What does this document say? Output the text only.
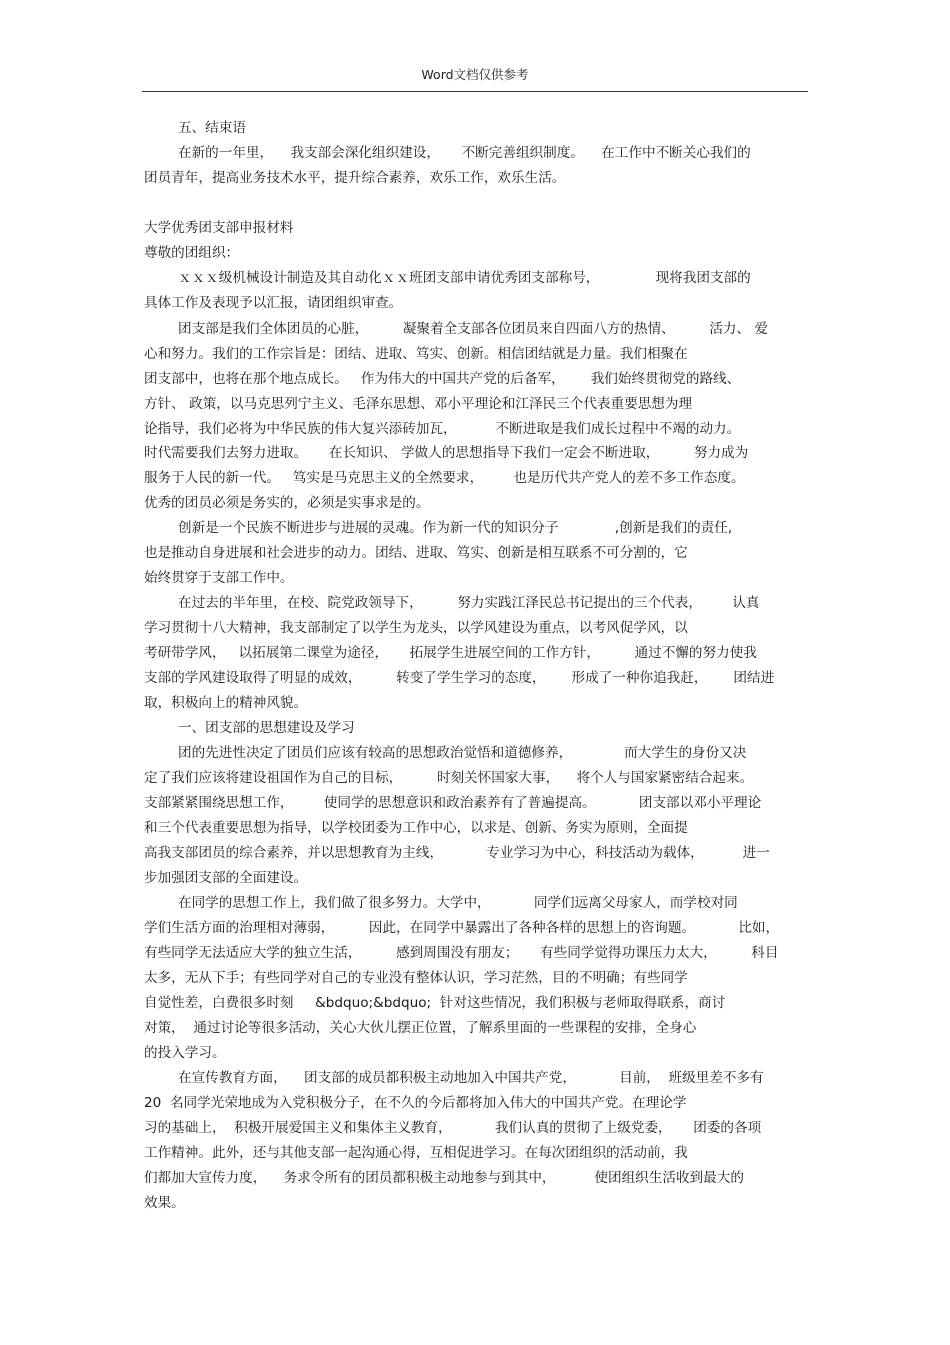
Word文档仅供参考
五、结束语
在新的一年里，    我支部会深化组织建设，     不断完善组织制度。    在工作中不断关心我们的
团员青年，提高业务技术水平，提升综合素养，欢乐工作，欢乐生活。
大学优秀团支部申报材料
尊敬的团组织：
ｘｘｘ级机械设计制造及其自动化ｘｘ班团支部申请优秀团支部称号，             现将我团支部的
具体工作及表现予以汇报，请团组织审查。
团支部是我们全体团员的心脏，        凝聚着全支部各位团员来自四面八方的热情、        活力、 爱
心和努力。我们的工作宗旨是：团结、进取、笃实、创新。相信团结就是力量。我们相聚在
团支部中，也将在那个地点成长。   作为伟大的中国共产党的后备军，      我们始终贯彻党的路线、
方针、 政策，以马克思列宁主义、毛泽东思想、邓小平理论和江泽民三个代表重要思想为理
论指导，我们必将为中华民族的伟大复兴添砖加瓦，         不断进取是我们成长过程中不竭的动力。
时代需要我们去努力进取。     在长知识、 学做人的思想指导下我们一定会不断进取，        努力成为
服务于人民的新一代。   笃实是马克思主义的全然要求，       也是历代共产党人的差不多工作态度。
优秀的团员必须是务实的，必须是实事求是的。
创新是一个民族不断进步与进展的灵魂。作为新一代的知识分子             ,创新是我们的责任,
也是推动自身进展和社会进步的动力。团结、进取、笃实、创新是相互联系不可分割的，它
始终贯穿于支部工作中。
在过去的半年里，在校、院党政领导下，        努力实践江泽民总书记提出的三个代表，       认真
学习贯彻十八大精神，我支部制定了以学生为龙头，以学风建设为重点，以考风促学风，以
考研带学风，   以拓展第二课堂为途径，     拓展学生进展空间的工作方针，        通过不懈的努力使我
支部的学风建设取得了明显的成效，        转变了学生学习的态度，      形成了一种你追我赶，      团结进
取，积极向上的精神风貌。
一、团支部的思想建设及学习
团的先进性决定了团员们应该有较高的思想政治觉悟和道德修养，            而大学生的身份又决
定了我们应该将建设祖国作为自己的目标，        时刻关怀国家大事，    将个人与国家紧密结合起来。
支部紧紧围绕思想工作，       使同学的思想意识和政治素养有了普遍提高。          团支部以邓小平理论
和三个代表重要思想为指导，以学校团委为工作中心，以求是、创新、务实为原则，全面提
高我支部团员的综合素养，并以思想教育为主线，          专业学习为中心，科技活动为载体，         进一
步加强团支部的全面建设。
在同学的思想工作上，我们做了很多努力。大学中，          同学们远离父母家人，而学校对同
学们生活方面的治理相对薄弱，        因此，在同学中暴露出了各种各样的思想上的咨询题。          比如，
有些同学无法适应大学的独立生活，        感到周围没有朋友；     有些同学觉得功课压力太大，        科目
太多，无从下手；有些同学对自己的专业没有整体认识，学习茫然，目的不明确；有些同学
自觉性差，白费很多时刻     &bdquo;&bdquo;  针对这些情况，我们积极与老师取得联系，商讨
对策，  通过讨论等很多活动，关心大伙儿摆正位置，了解系里面的一些课程的安排，全身心
的投入学习。
在宣传教育方面，    团支部的成员都积极主动地加入中国共产党，          目前，  班级里差不多有
20  名同学光荣地成为入党积极分子，在不久的今后都将加入伟大的中国共产党。在理论学
习的基础上，  积极开展爱国主义和集体主义教育，          我们认真的贯彻了上级党委，     团委的各项
工作精神。此外，还与其他支部一起沟通心得，互相促进学习。在每次团组织的活动前，我
们都加大宣传力度，    务求令所有的团员都积极主动地参与到其中，         使团组织生活收到最大的
效果。
